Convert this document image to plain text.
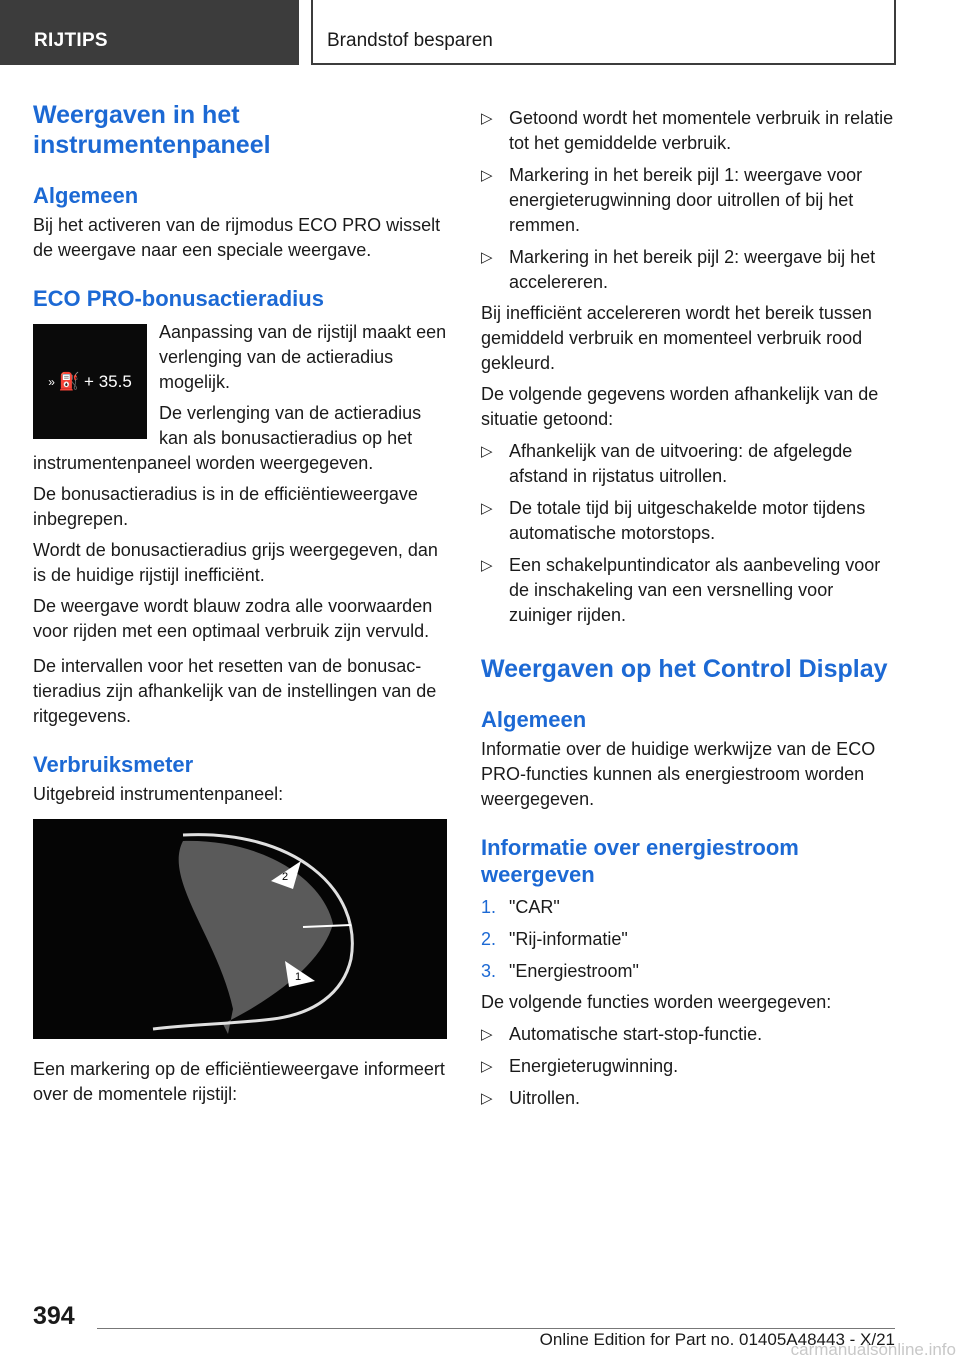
RIJTIPS	Brandstof besparen
Weergaven in het instrumentenpaneel
Algemeen

Bij het activeren van de rijmodus ECO PRO wisselt de weergave naar een speciale weergave.

ECO PRO-bonusactieradius
» ⛽ + 35.5

Aanpassing van de rijstijl maakt een verlenging van de actieradius mogelijk.

De verlenging van de actieradius kan als bonusactieradius op het instrumentenpaneel worden weergegeven.

De bonusactieradius is in de efficiëntieweergave inbegrepen.

Wordt de bonusactieradius grijs weergegeven, dan is de huidige rijstijl inefficiënt.

De weergave wordt blauw zodra alle voorwaarden voor rijden met een optimaal verbruik zijn vervuld.

De intervallen voor het resetten van de bonusactieradius zijn afhankelijk van de instellingen van de ritgegevens.

Verbruiksmeter

Uitgebreid instrumentenpaneel:

2
1

Een markering op de efficiëntieweergave informeert over de momentele rijstijl:

▷ Getoond wordt het momentele verbruik in relatie tot het gemiddelde verbruik.
▷ Markering in het bereik pijl 1: weergave voor energieterugwinning door uitrollen of bij het remmen.
▷ Markering in het bereik pijl 2: weergave bij het accelereren.

Bij inefficiënt accelereren wordt het bereik tussen gemiddeld verbruik en momenteel verbruik rood gekleurd.

De volgende gegevens worden afhankelijk van de situatie getoond:

▷ Afhankelijk van de uitvoering: de afgelegde afstand in rijstatus uitrollen.
▷ De totale tijd bij uitgeschakelde motor tijdens automatische motorstops.
▷ Een schakelpuntindicator als aanbeveling voor de inschakeling van een versnelling voor zuiniger rijden.
Weergaven op het Control Display
Algemeen

Informatie over de huidige werkwijze van de ECO PRO-functies kunnen als energiestroom worden weergegeven.

Informatie over energiestroom weergeven
1. "CAR"
2. "Rij-informatie"
3. "Energiestroom"

De volgende functies worden weergegeven:

▷ Automatische start-stop-functie.
▷ Energieterugwinning.
▷ Uitrollen.
394
Online Edition for Part no. 01405A48443 - X/21
carmanualsonline.info
